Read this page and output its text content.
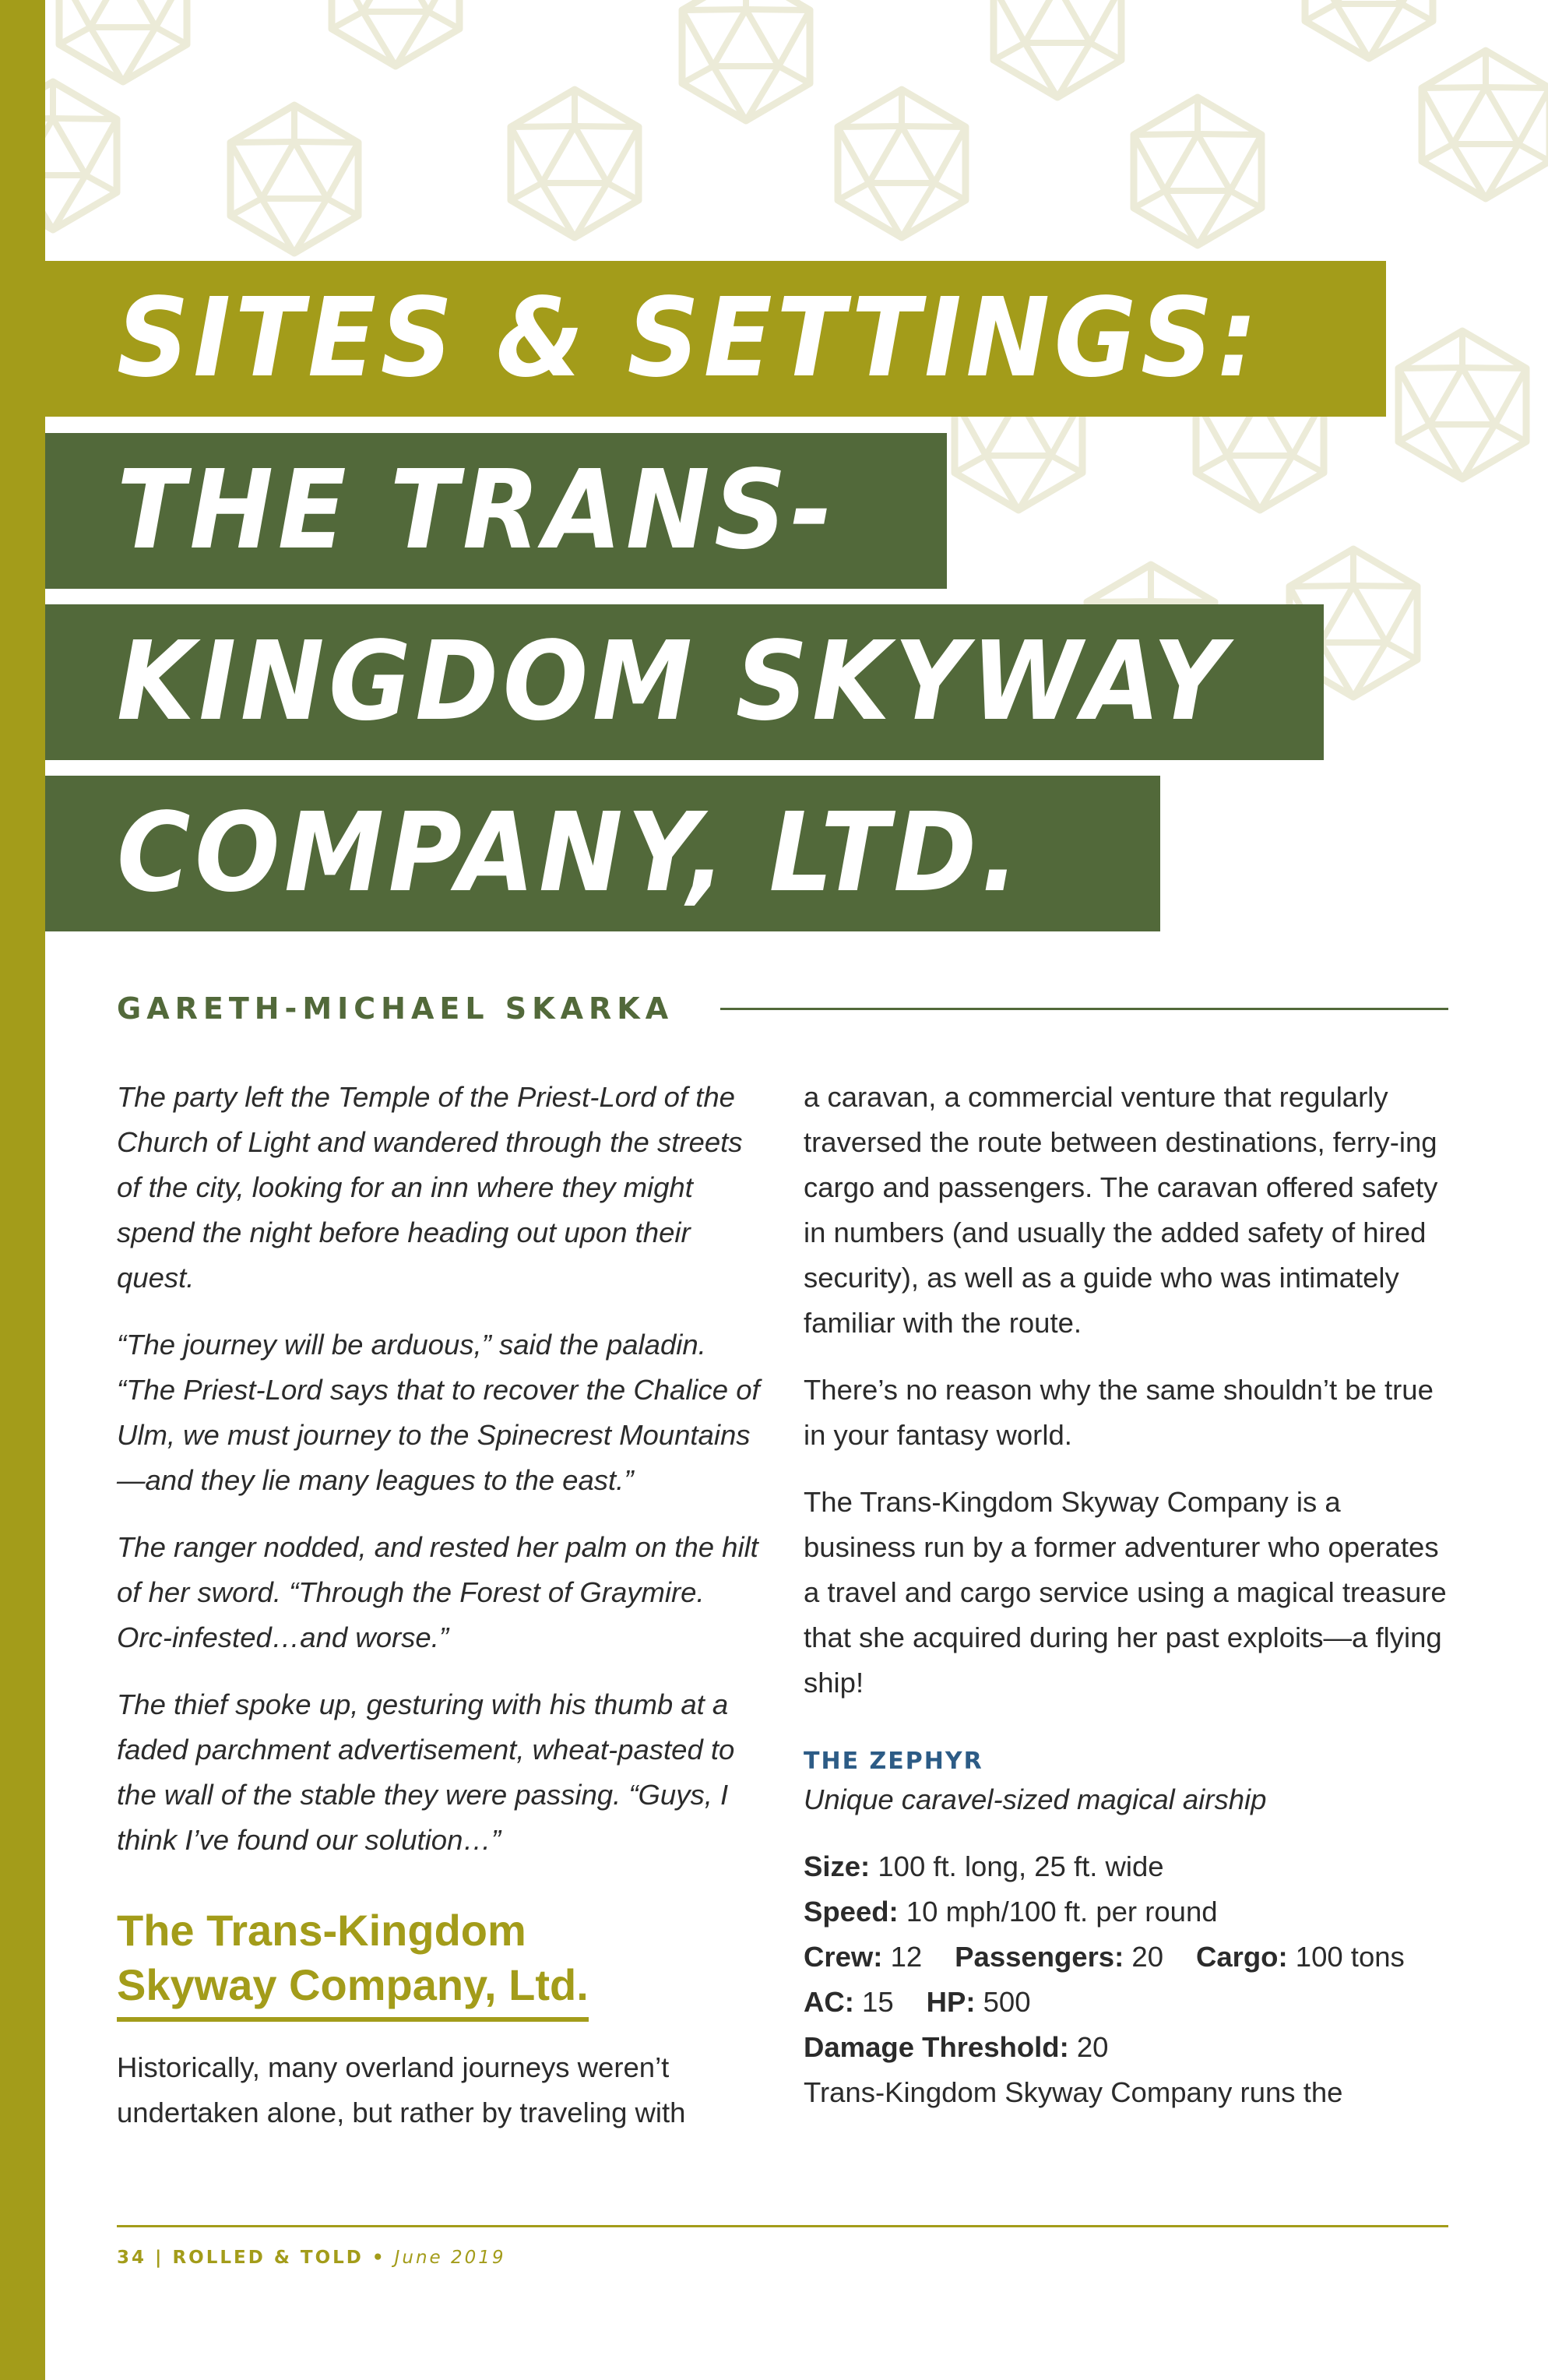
SITES & SETTINGS:
THE TRANS-
KINGDOM SKYWAY
COMPANY, LTD.
GARETH-MICHAEL SKARKA

The party left the Temple of the Priest-Lord of the Church of Light and wandered through the streets of the city, looking for an inn where they might spend the night before heading out upon their quest.

“The journey will be arduous,” said the paladin. “The Priest-Lord says that to recover the Chalice of Ulm, we must journey to the Spinecrest Mountains—and they lie many leagues to the east.”

The ranger nodded, and rested her palm on the hilt of her sword. “Through the Forest of Graymire. Orc-infested…and worse.”

The thief spoke up, gesturing with his thumb at a faded parchment advertisement, wheat-pasted to the wall of the stable they were passing. “Guys, I think I’ve found our solution…”

The Trans-Kingdom
Skyway Company, Ltd.

Historically, many overland journeys weren’t undertaken alone, but rather by traveling with

a caravan, a commercial venture that regularly traversed the route between destinations, ferry-ing cargo and passengers. The caravan offered safety in numbers (and usually the added safety of hired security), as well as a guide who was intimately familiar with the route.

There’s no reason why the same shouldn’t be true in your fantasy world.

The Trans-Kingdom Skyway Company is a business run by a former adventurer who operates a travel and cargo service using a magical treasure that she acquired during her past exploits—a flying ship!

THE ZEPHYR
Unique caravel-sized magical airship
Size: 100 ft. long, 25 ft. wide
Speed: 10 mph/100 ft. per round
Crew: 12 Passengers: 20 Cargo: 100 tons
AC: 15 HP: 500
Damage Threshold: 20

Trans-Kingdom Skyway Company runs the

34 | ROLLED & TOLD • June 2019
